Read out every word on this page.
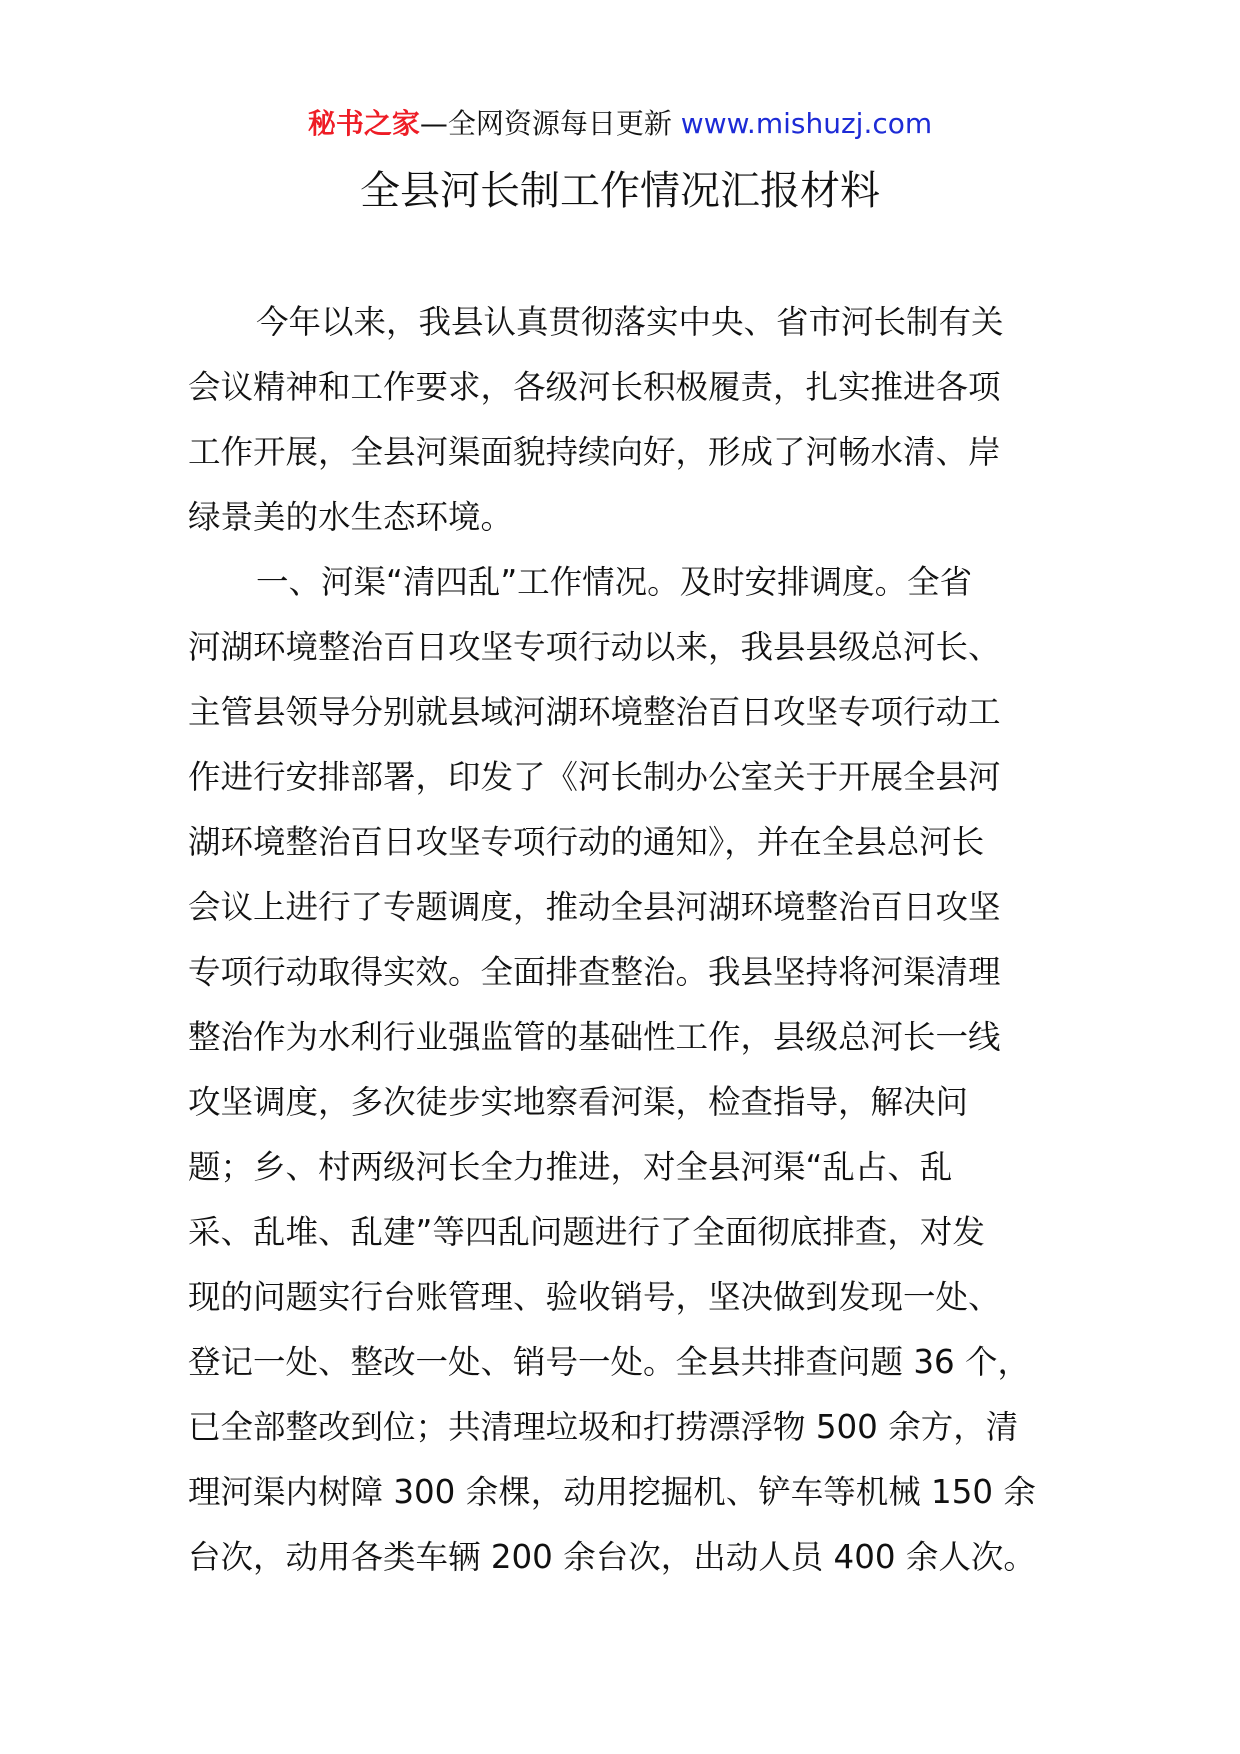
秘书之家—全网资源每日更新 www.mishuzj.com
全县河长制工作情况汇报材料
今年以来，我县认真贯彻落实中央、省市河长制有关
会议精神和工作要求，各级河长积极履责，扎实推进各项
工作开展，全县河渠面貌持续向好，形成了河畅水清、岸
绿景美的水生态环境。
一、河渠“清四乱”工作情况。及时安排调度。全省
河湖环境整治百日攻坚专项行动以来，我县县级总河长、
主管县领导分别就县域河湖环境整治百日攻坚专项行动工
作进行安排部署，印发了《河长制办公室关于开展全县河
湖环境整治百日攻坚专项行动的通知》，并在全县总河长
会议上进行了专题调度，推动全县河湖环境整治百日攻坚
专项行动取得实效。全面排查整治。我县坚持将河渠清理
整治作为水利行业强监管的基础性工作，县级总河长一线
攻坚调度，多次徒步实地察看河渠，检查指导，解决问
题；乡、村两级河长全力推进，对全县河渠“乱占、乱
采、乱堆、乱建”等四乱问题进行了全面彻底排查，对发
现的问题实行台账管理、验收销号，坚决做到发现一处、
登记一处、整改一处、销号一处。全县共排查问题 36 个，
已全部整改到位；共清理垃圾和打捞漂浮物 500 余方，清
理河渠内树障 300 余棵，动用挖掘机、铲车等机械 150 余
台次，动用各类车辆 200 余台次，出动人员 400 余人次。
